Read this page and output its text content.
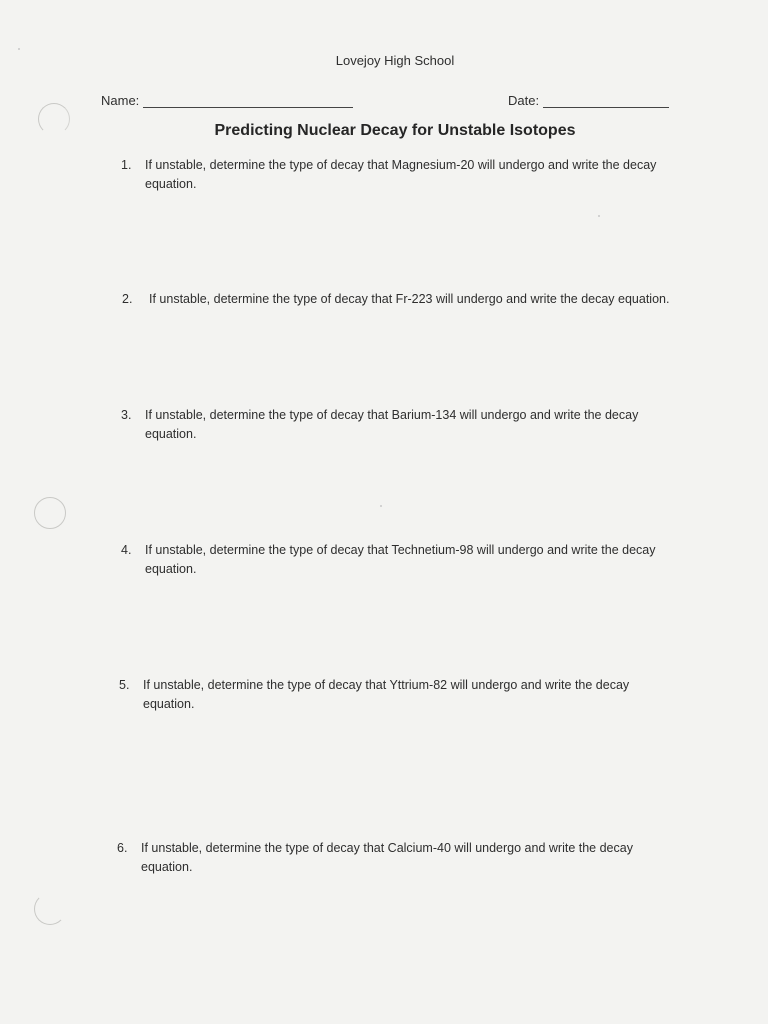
Lovejoy High School
Name:	Date:
Predicting Nuclear Decay for Unstable Isotopes
1. If unstable, determine the type of decay that Magnesium-20 will undergo and write the decay equation.
2. If unstable, determine the type of decay that Fr-223 will undergo and write the decay equation.
3. If unstable, determine the type of decay that Barium-134 will undergo and write the decay equation.
4. If unstable, determine the type of decay that Technetium-98 will undergo and write the decay equation.
5. If unstable, determine the type of decay that Yttrium-82 will undergo and write the decay equation.
6. If unstable, determine the type of decay that Calcium-40 will undergo and write the decay equation.
